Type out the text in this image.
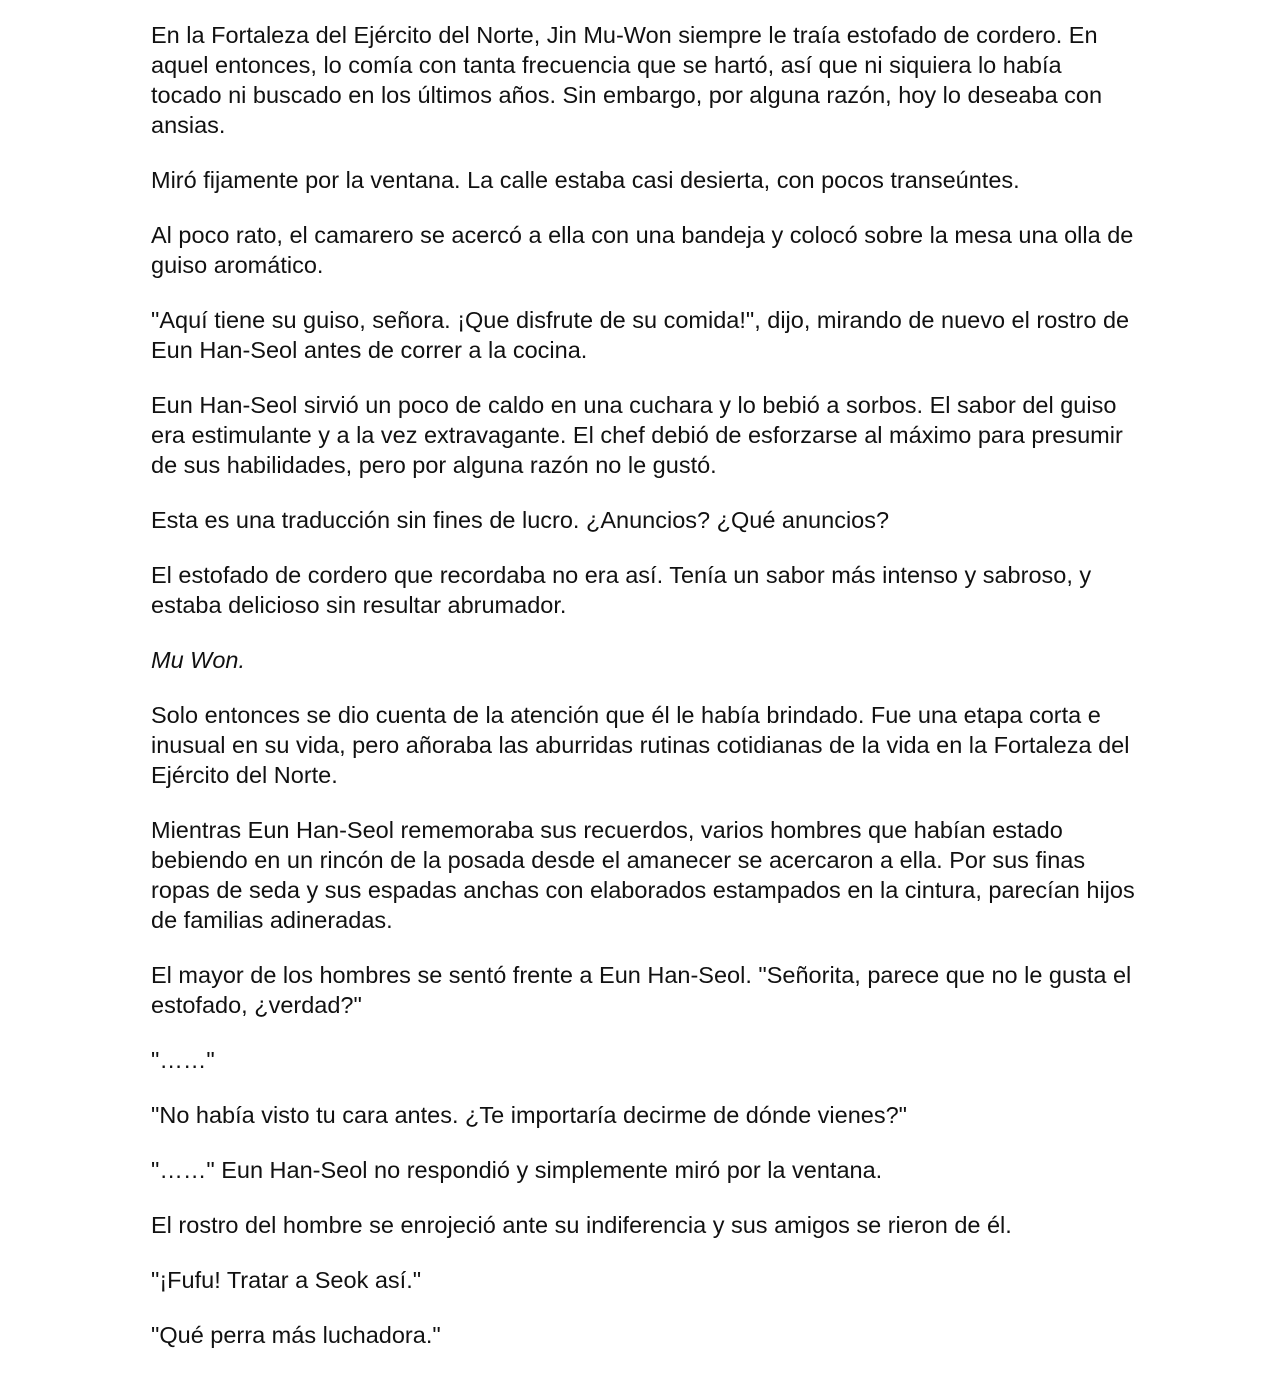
En la Fortaleza del Ejército del Norte, Jin Mu-Won siempre le traía estofado de cordero. En aquel entonces, lo comía con tanta frecuencia que se hartó, así que ni siquiera lo había tocado ni buscado en los últimos años. Sin embargo, por alguna razón, hoy lo deseaba con ansias.

Miró fijamente por la ventana. La calle estaba casi desierta, con pocos transeúntes.

Al poco rato, el camarero se acercó a ella con una bandeja y colocó sobre la mesa una olla de guiso aromático.

"Aquí tiene su guiso, señora. ¡Que disfrute de su comida!", dijo, mirando de nuevo el rostro de Eun Han-Seol antes de correr a la cocina.

Eun Han-Seol sirvió un poco de caldo en una cuchara y lo bebió a sorbos. El sabor del guiso era estimulante y a la vez extravagante. El chef debió de esforzarse al máximo para presumir de sus habilidades, pero por alguna razón no le gustó.

Esta es una traducción sin fines de lucro. ¿Anuncios? ¿Qué anuncios?

El estofado de cordero que recordaba no era así. Tenía un sabor más intenso y sabroso, y estaba delicioso sin resultar abrumador.

Mu Won.

Solo entonces se dio cuenta de la atención que él le había brindado. Fue una etapa corta e inusual en su vida, pero añoraba las aburridas rutinas cotidianas de la vida en la Fortaleza del Ejército del Norte.

Mientras Eun Han-Seol rememoraba sus recuerdos, varios hombres que habían estado bebiendo en un rincón de la posada desde el amanecer se acercaron a ella. Por sus finas ropas de seda y sus espadas anchas con elaborados estampados en la cintura, parecían hijos de familias adineradas.

El mayor de los hombres se sentó frente a Eun Han-Seol. "Señorita, parece que no le gusta el estofado, ¿verdad?"

"……"

"No había visto tu cara antes. ¿Te importaría decirme de dónde vienes?"

"……" Eun Han-Seol no respondió y simplemente miró por la ventana.

El rostro del hombre se enrojeció ante su indiferencia y sus amigos se rieron de él.

"¡Fufu! Tratar a Seok así."

"Qué perra más luchadora."
